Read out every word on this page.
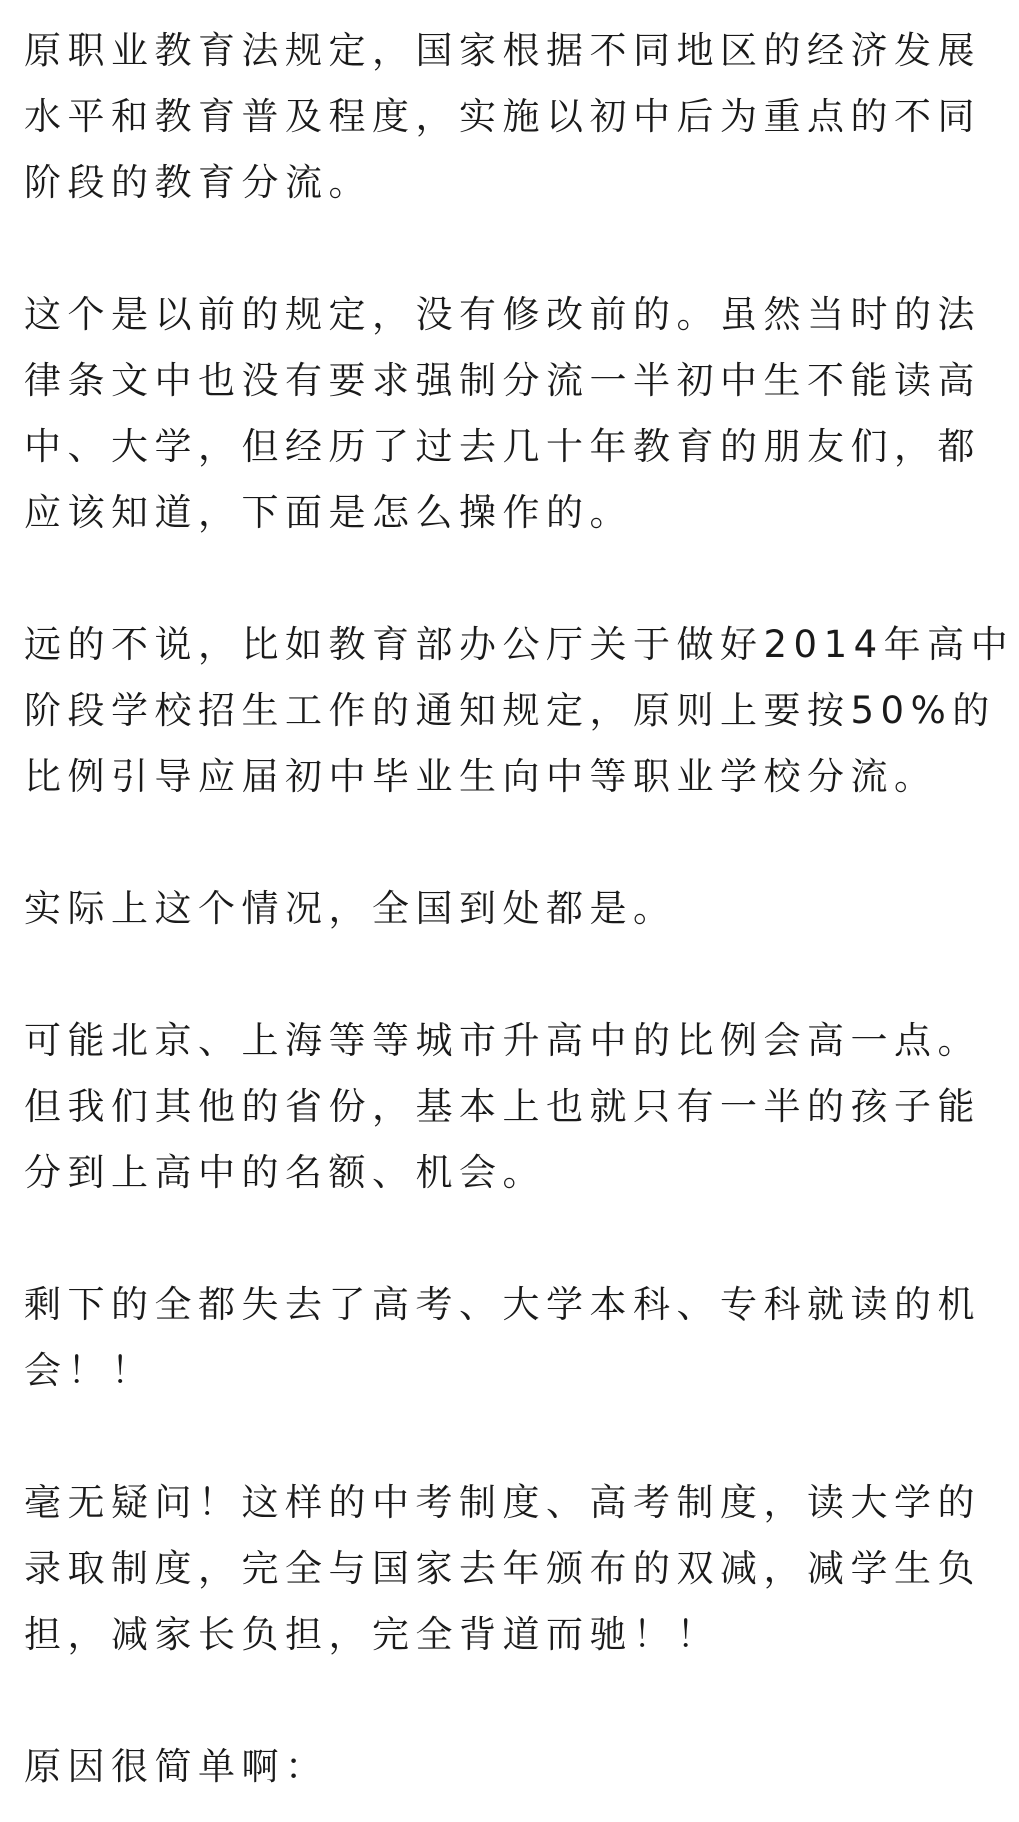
原职业教育法规定，国家根据不同地区的经济发展
水平和教育普及程度，实施以初中后为重点的不同
阶段的教育分流。

这个是以前的规定，没有修改前的。虽然当时的法
律条文中也没有要求强制分流一半初中生不能读高
中、大学，但经历了过去几十年教育的朋友们，都
应该知道，下面是怎么操作的。

远的不说，比如教育部办公厅关于做好2014年高中
阶段学校招生工作的通知规定，原则上要按50%的
比例引导应届初中毕业生向中等职业学校分流。

实际上这个情况，全国到处都是。

可能北京、上海等等城市升高中的比例会高一点。
但我们其他的省份，基本上也就只有一半的孩子能
分到上高中的名额、机会。

剩下的全都失去了高考、大学本科、专科就读的机
会！！

毫无疑问！这样的中考制度、高考制度，读大学的
录取制度，完全与国家去年颁布的双减，减学生负
担，减家长负担，完全背道而驰！！

原因很简单啊：
